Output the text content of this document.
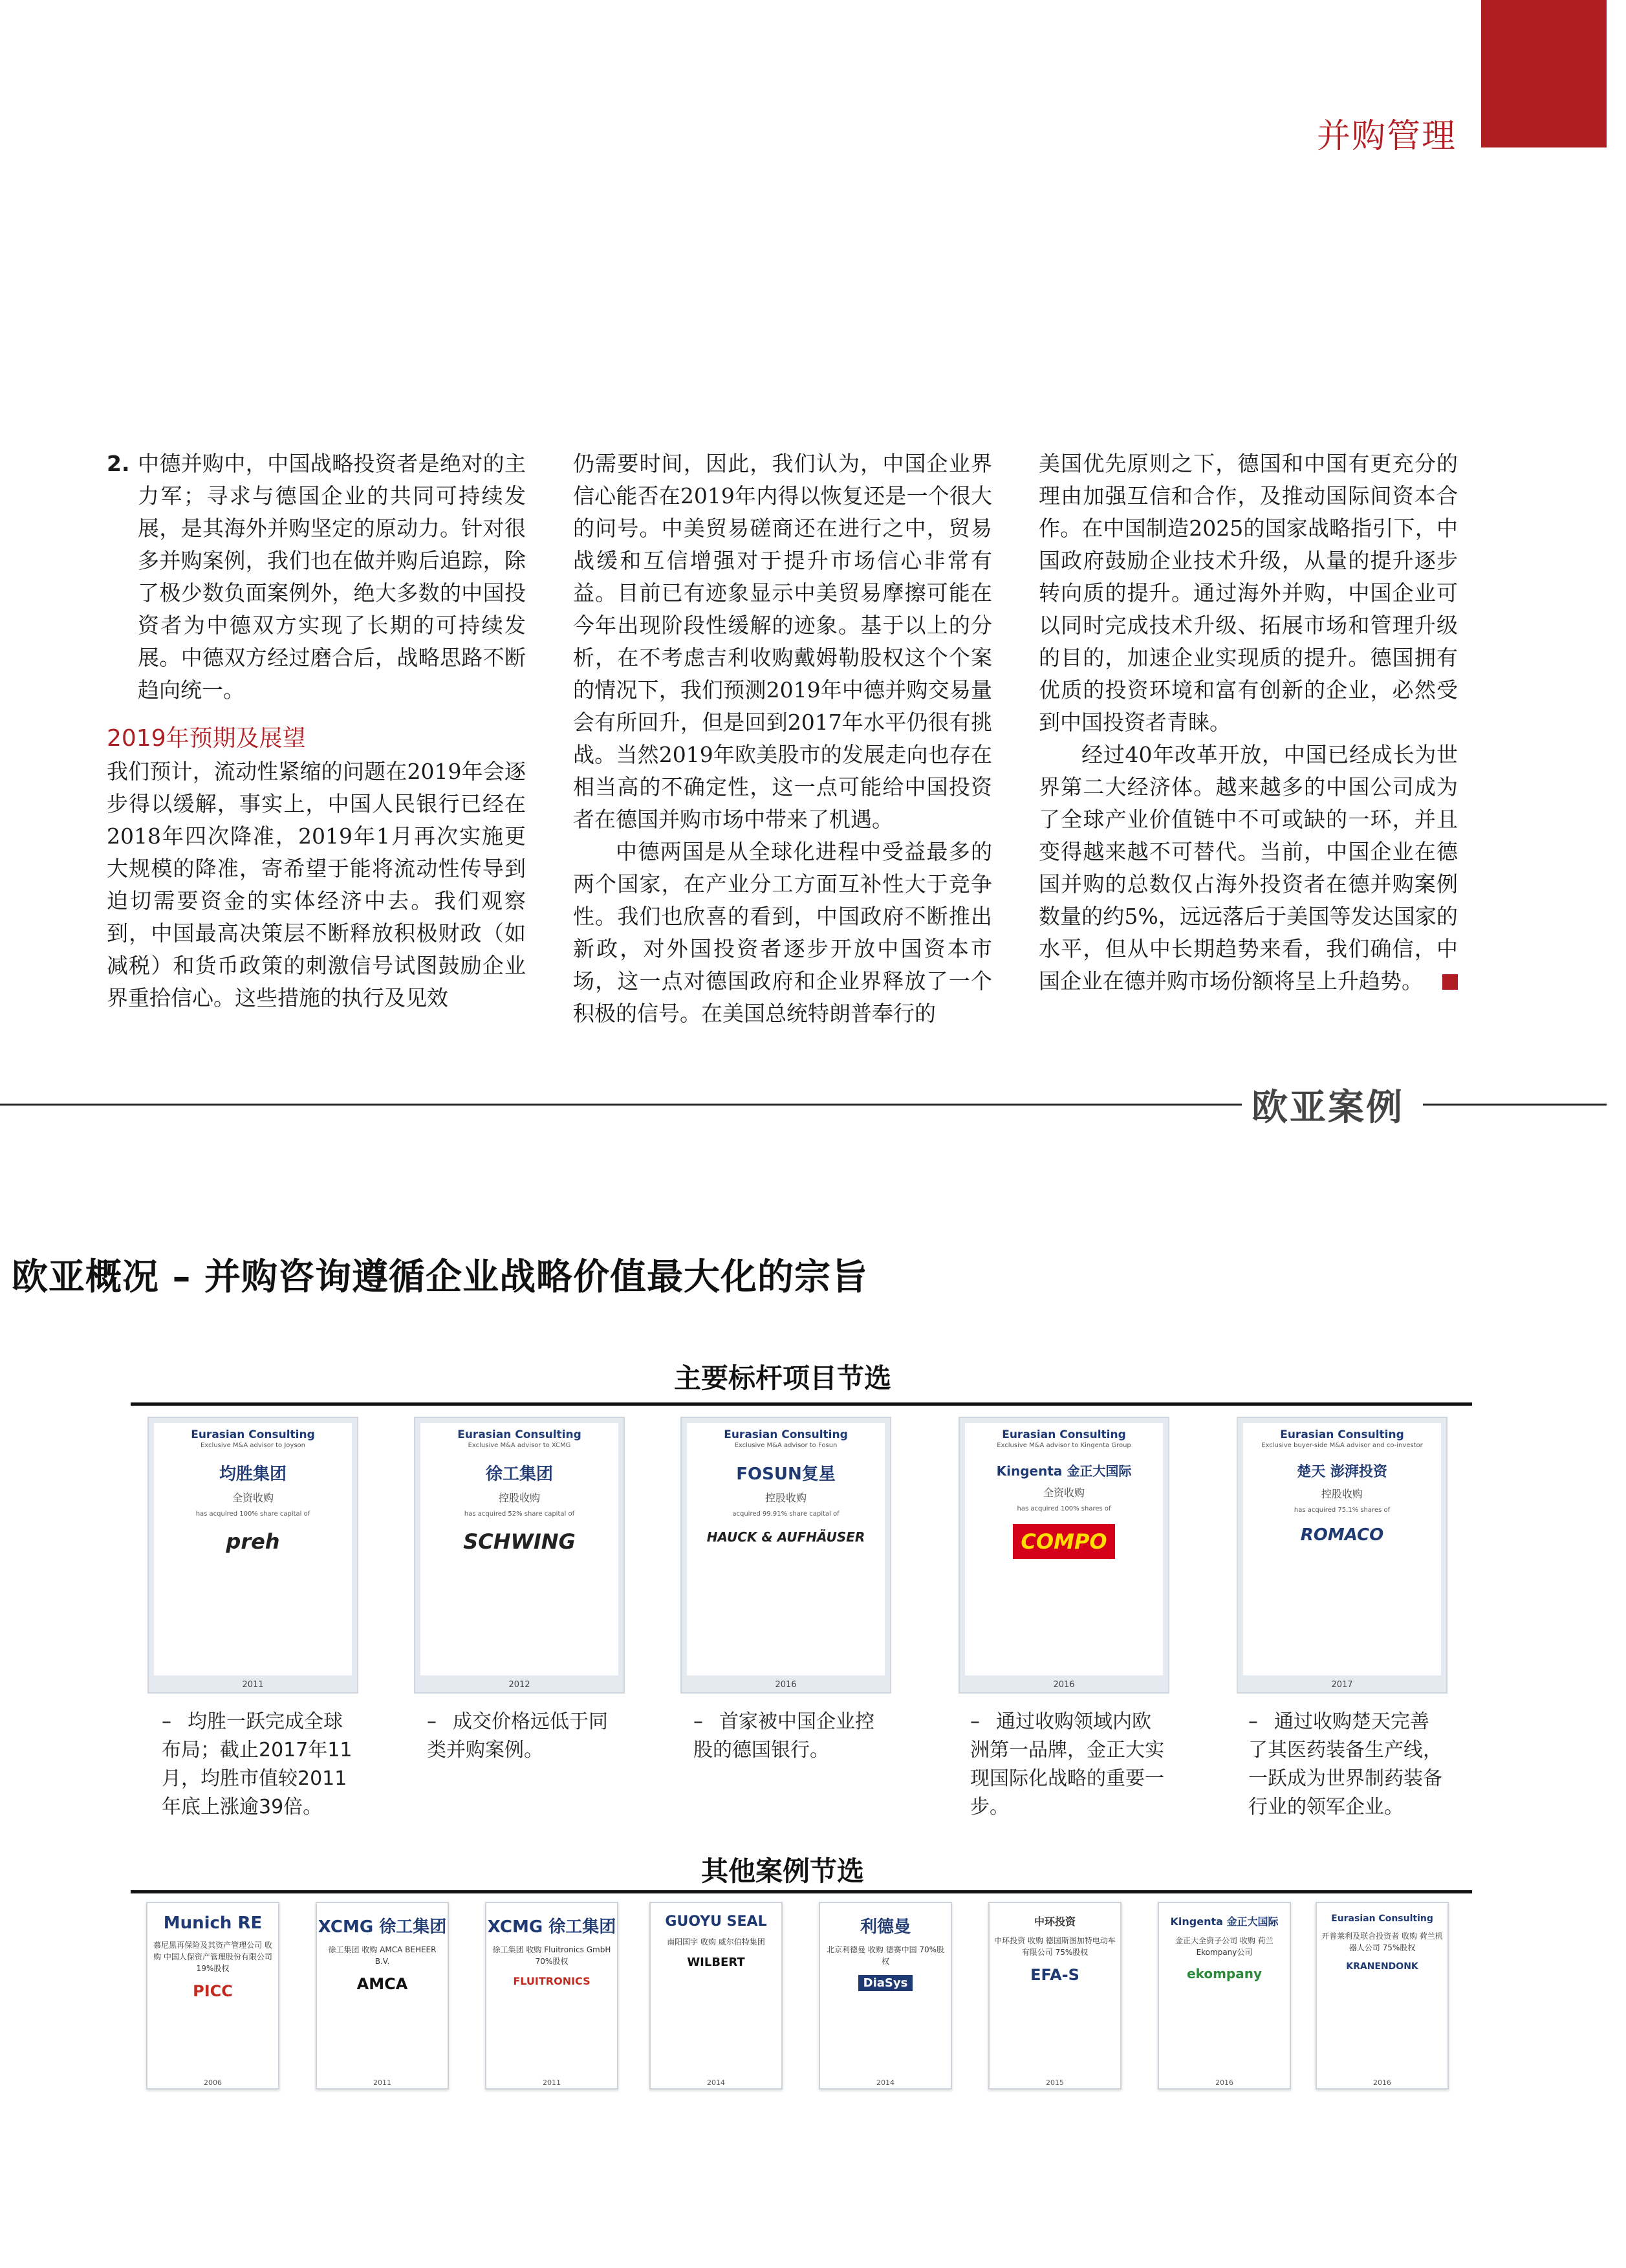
并购管理
2. 中德并购中，中国战略投资者是绝对的主力军；寻求与德国企业的共同可持续发展，是其海外并购坚定的原动力。针对很多并购案例，我们也在做并购后追踪，除了极少数负面案例外，绝大多数的中国投资者为中德双方实现了长期的可持续发展。中德双方经过磨合后，战略思路不断趋向统一。

2019年预期及展望

我们预计，流动性紧缩的问题在2019年会逐步得以缓解，事实上，中国人民银行已经在2018年四次降准，2019年1月再次实施更大规模的降准，寄希望于能将流动性传导到迫切需要资金的实体经济中去。我们观察到，中国最高决策层不断释放积极财政（如减税）和货币政策的刺激信号试图鼓励企业界重拾信心。这些措施的执行及见效

仍需要时间，因此，我们认为，中国企业界信心能否在2019年内得以恢复还是一个很大的问号。中美贸易磋商还在进行之中，贸易战缓和互信增强对于提升市场信心非常有益。目前已有迹象显示中美贸易摩擦可能在今年出现阶段性缓解的迹象。基于以上的分析，在不考虑吉利收购戴姆勒股权这个个案的情况下，我们预测2019年中德并购交易量会有所回升，但是回到2017年水平仍很有挑战。当然2019年欧美股市的发展走向也存在相当高的不确定性，这一点可能给中国投资者在德国并购市场中带来了机遇。

中德两国是从全球化进程中受益最多的两个国家，在产业分工方面互补性大于竞争性。我们也欣喜的看到，中国政府不断推出新政，对外国投资者逐步开放中国资本市场，这一点对德国政府和企业界释放了一个积极的信号。在美国总统特朗普奉行的

美国优先原则之下，德国和中国有更充分的理由加强互信和合作，及推动国际间资本合作。在中国制造2025的国家战略指引下，中国政府鼓励企业技术升级，从量的提升逐步转向质的提升。通过海外并购，中国企业可以同时完成技术升级、拓展市场和管理升级的目的，加速企业实现质的提升。德国拥有优质的投资环境和富有创新的企业，必然受到中国投资者青睐。

经过40年改革开放，中国已经成长为世界第二大经济体。越来越多的中国公司成为了全球产业价值链中不可或缺的一环，并且变得越来越不可替代。当前，中国企业在德国并购的总数仅占海外投资者在德并购案例数量的约5%，远远落后于美国等发达国家的水平，但从中长期趋势来看，我们确信，中国企业在德并购市场份额将呈上升趋势。

欧亚案例
欧亚概况 – 并购咨询遵循企业战略价值最大化的宗旨
主要标杆项目节选
Eurasian Consulting
Exclusive M&A advisor to Joyson
均胜集团
全资收购
has acquired 100% share capital of
preh
2011
Eurasian Consulting
Exclusive M&A advisor to XCMG
徐工集团
控股收购
has acquired 52% share capital of
SCHWING
2012
Eurasian Consulting
Exclusive M&A advisor to Fosun
FOSUN复星
控股收购
acquired 99.91% share capital of
HAUCK & AUFHÄUSER
2016
Eurasian Consulting
Exclusive M&A advisor to Kingenta Group
Kingenta 金正大国际
全资收购
has acquired 100% shares of
COMPO
2016
Eurasian Consulting
Exclusive buyer-side M&A advisor and co-investor
楚天 澎湃投资
控股收购
has acquired 75.1% shares of
ROMACO
2017
– 均胜一跃完成全球布局；截止2017年11月，均胜市值较2011年底上涨逾39倍。
– 成交价格远低于同类并购案例。
– 首家被中国企业控股的德国银行。
– 通过收购领域内欧洲第一品牌，金正大实现国际化战略的重要一步。
– 通过收购楚天完善了其医药装备生产线，一跃成为世界制药装备行业的领军企业。
其他案例节选
Munich RE
慕尼黑再保险及其资产管理公司 收购 中国人保资产管理股份有限公司 19%股权
PICC
2006
XCMG 徐工集团
徐工集团 收购 AMCA BEHEER B.V.
AMCA
2011
XCMG 徐工集团
徐工集团 收购 Fluitronics GmbH 70%股权
FLUITRONICS
2011
GUOYU SEAL
南阳国宇 收购 威尔伯特集团
WILBERT
2014
利德曼
北京利德曼 收购 德赛中国 70%股权
DiaSys
2014
中环投资
中环投资 收购 德国斯图加特电动车有限公司 75%股权
EFA-S
2015
Kingenta 金正大国际
金正大全资子公司 收购 荷兰Ekompany公司
ekompany
2016
Eurasian Consulting
开普莱利及联合投资者 收购 荷兰机器人公司 75%股权
KRANENDONK
2016
